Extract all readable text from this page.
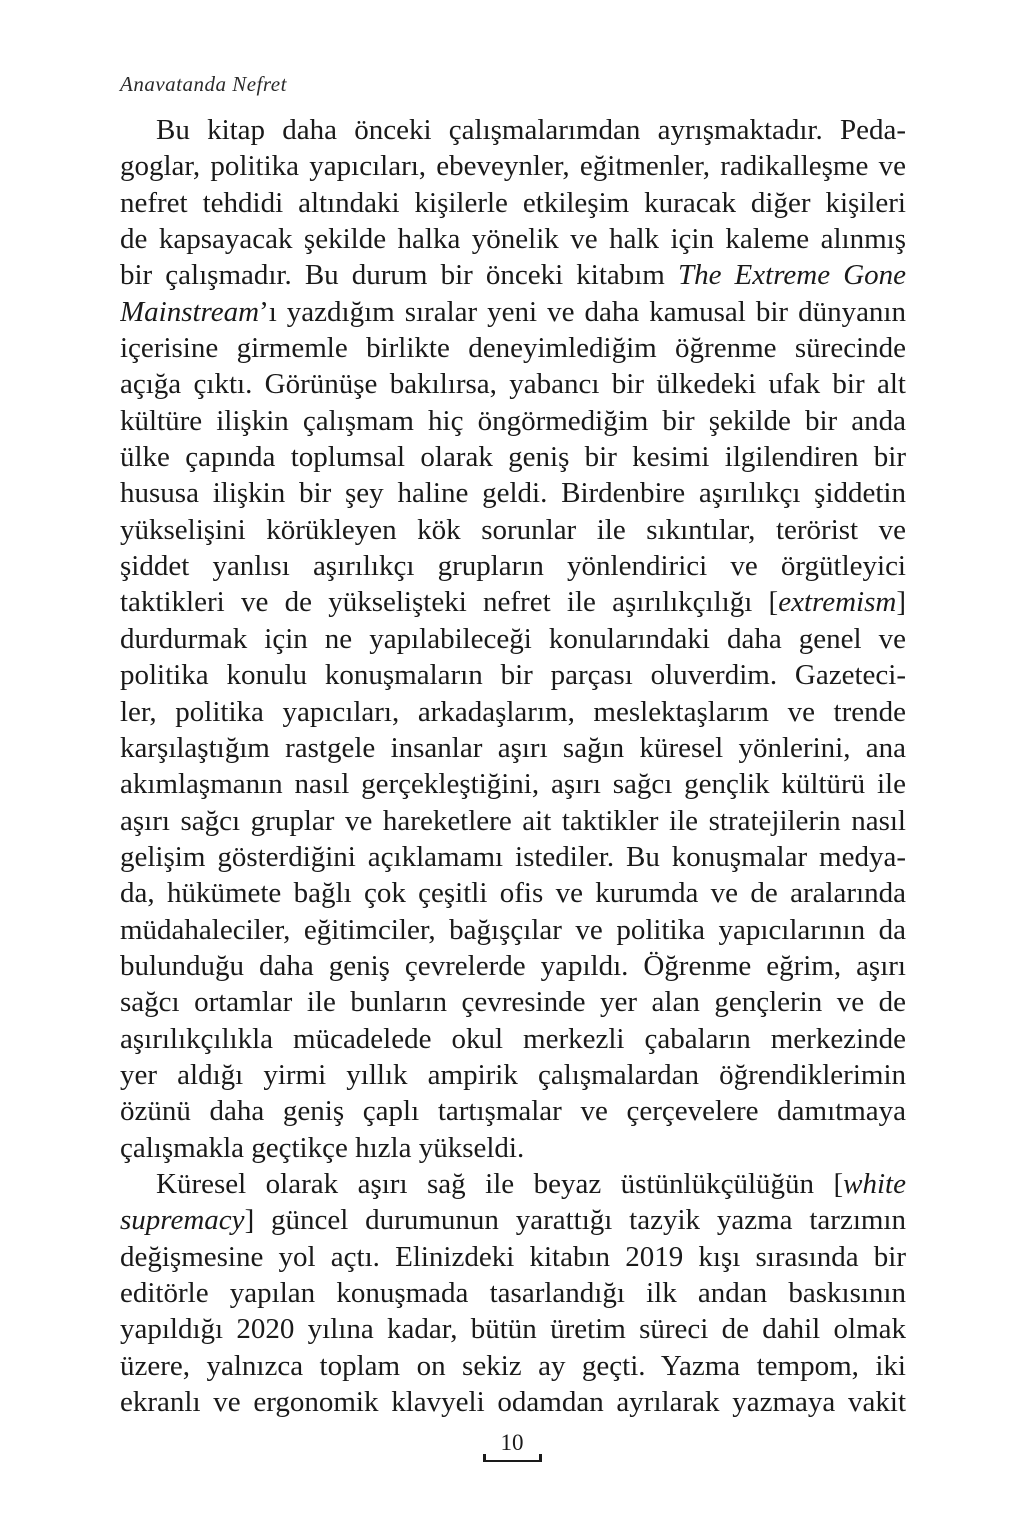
Anavatanda Nefret
Bu kitap daha önceki çalışmalarımdan ayrışmaktadır. Peda-
goglar, politika yapıcıları, ebeveynler, eğitmenler, radikalleşme ve
nefret tehdidi altındaki kişilerle etkileşim kuracak diğer kişileri
de kapsayacak şekilde halka yönelik ve halk için kaleme alınmış
bir çalışmadır. Bu durum bir önceki kitabım The Extreme Gone
Mainstream’ı yazdığım sıralar yeni ve daha kamusal bir dünyanın
içerisine girmemle birlikte deneyimlediğim öğrenme sürecinde
açığa çıktı. Görünüşe bakılırsa, yabancı bir ülkedeki ufak bir alt
kültüre ilişkin çalışmam hiç öngörmediğim bir şekilde bir anda
ülke çapında toplumsal olarak geniş bir kesimi ilgilendiren bir
hususa ilişkin bir şey haline geldi. Birdenbire aşırılıkçı şiddetin
yükselişini körükleyen kök sorunlar ile sıkıntılar, terörist ve
şiddet yanlısı aşırılıkçı grupların yönlendirici ve örgütleyici
taktikleri ve de yükselişteki nefret ile aşırılıkçılığı [extremism]
durdurmak için ne yapılabileceği konularındaki daha genel ve
politika konulu konuşmaların bir parçası oluverdim. Gazeteci-
ler, politika yapıcıları, arkadaşlarım, meslektaşlarım ve trende
karşılaştığım rastgele insanlar aşırı sağın küresel yönlerini, ana
akımlaşmanın nasıl gerçekleştiğini, aşırı sağcı gençlik kültürü ile
aşırı sağcı gruplar ve hareketlere ait taktikler ile stratejilerin nasıl
gelişim gösterdiğini açıklamamı istediler. Bu konuşmalar medya-
da, hükümete bağlı çok çeşitli ofis ve kurumda ve de aralarında
müdahaleciler, eğitimciler, bağışçılar ve politika yapıcılarının da
bulunduğu daha geniş çevrelerde yapıldı. Öğrenme eğrim, aşırı
sağcı ortamlar ile bunların çevresinde yer alan gençlerin ve de
aşırılıkçılıkla mücadelede okul merkezli çabaların merkezinde
yer aldığı yirmi yıllık ampirik çalışmalardan öğrendiklerimin
özünü daha geniş çaplı tartışmalar ve çerçevelere damıtmaya
çalışmakla geçtikçe hızla yükseldi.
Küresel olarak aşırı sağ ile beyaz üstünlükçülüğün [white
supremacy] güncel durumunun yarattığı tazyik yazma tarzımın
değişmesine yol açtı. Elinizdeki kitabın 2019 kışı sırasında bir
editörle yapılan konuşmada tasarlandığı ilk andan baskısının
yapıldığı 2020 yılına kadar, bütün üretim süreci de dahil olmak
üzere, yalnızca toplam on sekiz ay geçti. Yazma tempom, iki
ekranlı ve ergonomik klavyeli odamdan ayrılarak yazmaya vakit
10
